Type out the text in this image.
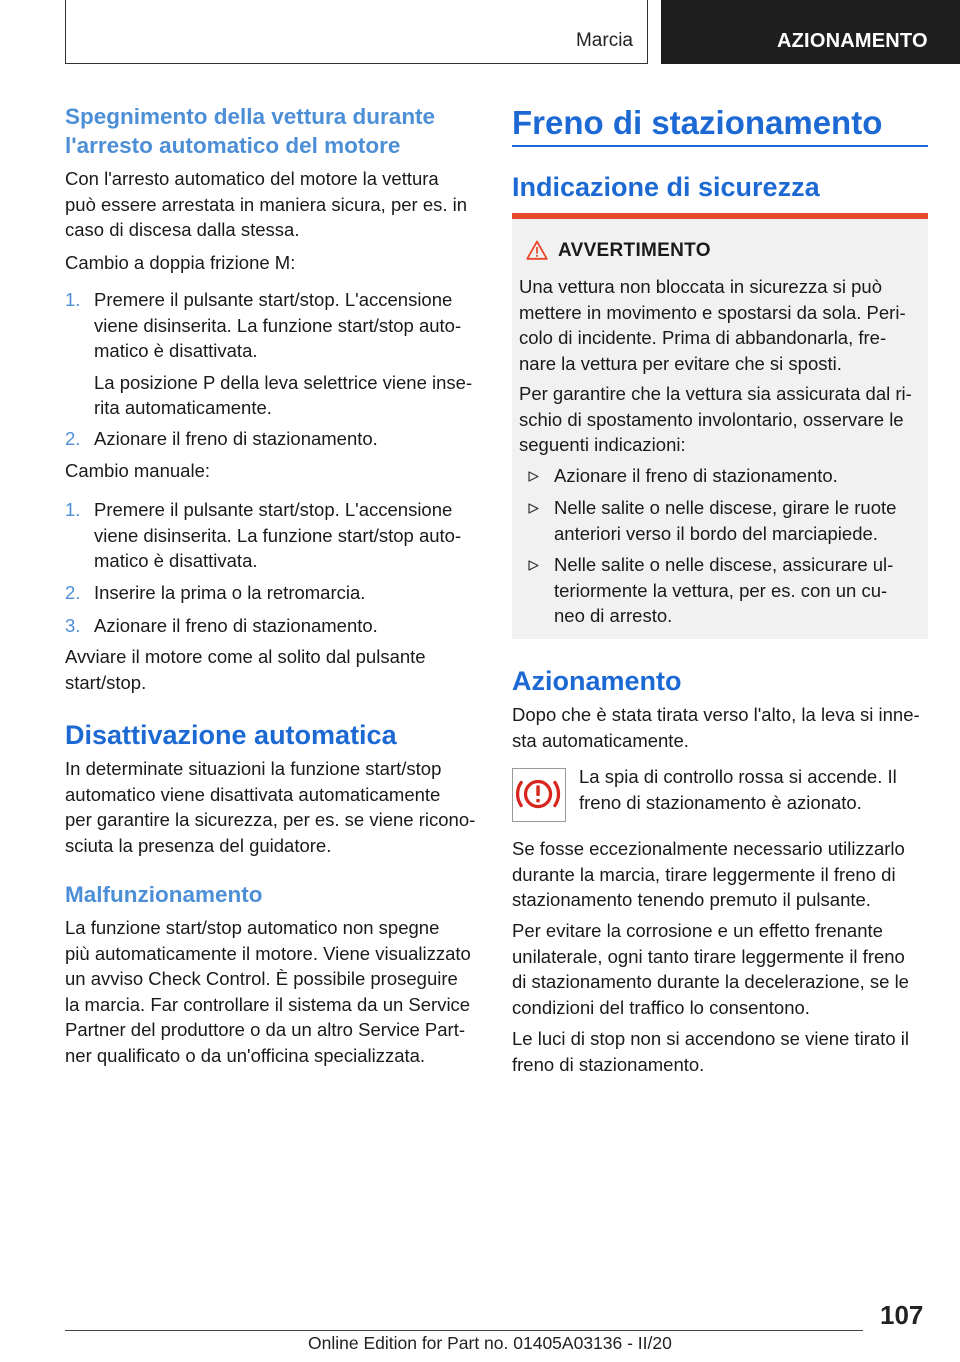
Marcia	AZIONAMENTO
Spegnimento della vettura durante
l'arresto automatico del motore

Con l'arresto automatico del motore la vettura
può essere arrestata in maniera sicura, per es. in
caso di discesa dalla stessa.

Cambio a doppia frizione M:

1. Premere il pulsante start/stop. L'accensione
viene disinserita. La funzione start/stop auto‐
matico è disattivata.
La posizione P della leva selettrice viene inse‐
rita automaticamente.
2. Azionare il freno di stazionamento.

Cambio manuale:

1. Premere il pulsante start/stop. L'accensione
viene disinserita. La funzione start/stop auto‐
matico è disattivata.
2. Inserire la prima o la retromarcia.
3. Azionare il freno di stazionamento.

Avviare il motore come al solito dal pulsante
start/stop.

Disattivazione automatica

In determinate situazioni la funzione start/stop
automatico viene disattivata automaticamente
per garantire la sicurezza, per es. se viene ricono‐
sciuta la presenza del guidatore.

Malfunzionamento

La funzione start/stop automatico non spegne
più automaticamente il motore. Viene visualizzato
un avviso Check Control. È possibile proseguire
la marcia. Far controllare il sistema da un Service
Partner del produttore o da un altro Service Part‐
ner qualificato o da un'officina specializzata.

Freno di stazionamento
Indicazione di sicurezza
AVVERTIMENTO

Una vettura non bloccata in sicurezza si può
mettere in movimento e spostarsi da sola. Peri‐
colo di incidente. Prima di abbandonarla, fre‐
nare la vettura per evitare che si sposti.

Per garantire che la vettura sia assicurata dal ri‐
schio di spostamento involontario, osservare le
seguenti indicazioni:

Azionare il freno di stazionamento.
Nelle salite o nelle discese, girare le ruote
anteriori verso il bordo del marciapiede.
Nelle salite o nelle discese, assicurare ul‐
teriormente la vettura, per es. con un cu‐
neo di arresto.
Azionamento

Dopo che è stata tirata verso l'alto, la leva si inne‐
sta automaticamente.

La spia di controllo rossa si accende. Il
freno di stazionamento è azionato.

Se fosse eccezionalmente necessario utilizzarlo
durante la marcia, tirare leggermente il freno di
stazionamento tenendo premuto il pulsante.

Per evitare la corrosione e un effetto frenante
unilaterale, ogni tanto tirare leggermente il freno
di stazionamento durante la decelerazione, se le
condizioni del traffico lo consentono.

Le luci di stop non si accendono se viene tirato il
freno di stazionamento.

107
Online Edition for Part no. 01405A03136 - II/20
